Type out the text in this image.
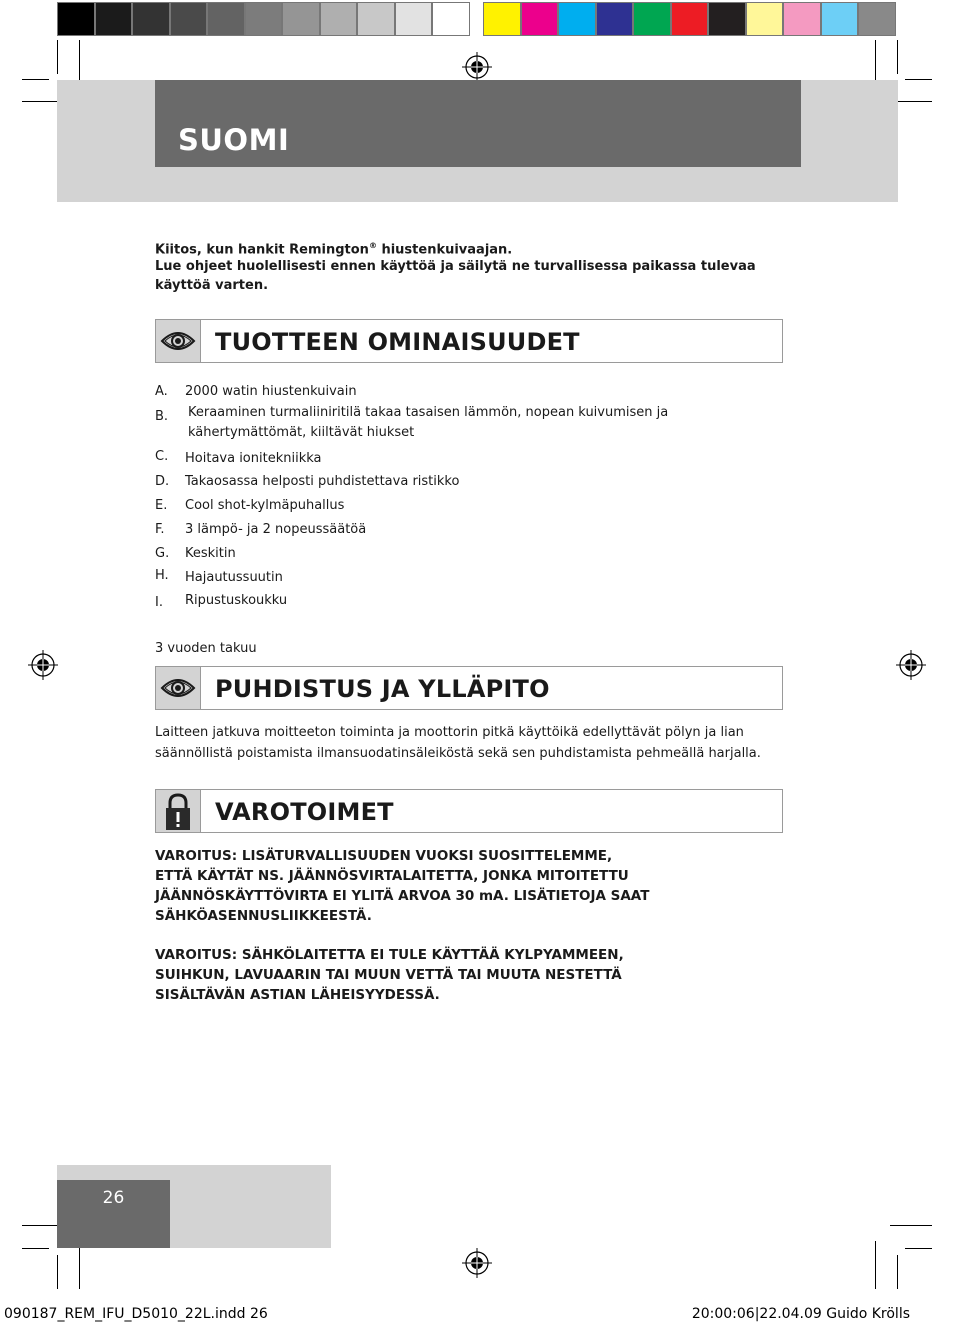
SUOMI
Kiitos, kun hankit Remington® hiustenkuivaajan.
Lue ohjeet huolellisesti ennen käyttöä ja säilytä ne turvallisessa paikassa tulevaa
käyttöä varten.
TUOTTEEN OMINAISUUDET
A. 2000 watin hiustenkuivain
B. Keraaminen turmaliiniritilä takaa tasaisen lämmön, nopean kuivumisen ja
kähertymättömät, kiiltävät hiukset
C. Hoitava ionitekniikka
D. Takaosassa helposti puhdistettava ristikko
E. Cool shot-kylmäpuhallus
F. 3 lämpö- ja 2 nopeussäätöä
G. Keskitin
H. Hajautussuutin
I. Ripustuskoukku
3 vuoden takuu
PUHDISTUS JA YLLÄPITO
Laitteen jatkuva moitteeton toiminta ja moottorin pitkä käyttöikä edellyttävät pölyn ja lian
säännöllistä poistamista ilmansuodatinsäleiköstä sekä sen puhdistamista pehmeällä harjalla.
VAROTOIMET
VAROITUS: LISÄTURVALLISUUDEN VUOKSI SUOSITTELEMME,
ETTÄ KÄYTÄT NS. JÄÄNNÖSVIRTALAITETTA, JONKA MITOITETTU
JÄÄNNÖSKÄYTTÖVIRTA EI YLITÄ ARVOA 30 mA. LISÄTIETOJA SAAT
SÄHKÖASENNUSLIIKKEESTÄ.
VAROITUS: SÄHKÖLAITETTA EI TULE KÄYTTÄÄ KYLPYAMMEEN,
SUIHKUN, LAVUAARIN TAI MUUN VETTÄ TAI MUUTA NESTETTÄ
SISÄLTÄVÄN ASTIAN LÄHEISYYDESSÄ.
26
090187_REM_IFU_D5010_22L.indd 26	20:00:06|22.04.09 Guido Krölls
